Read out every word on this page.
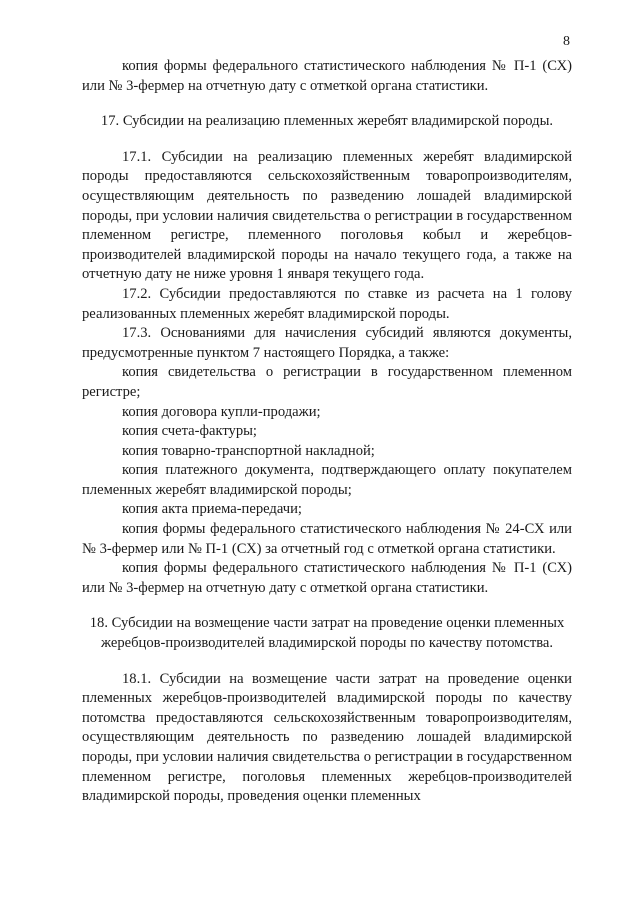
8

копия формы федерального статистического наблюдения № П-1 (СХ) или № 3-фермер на отчетную дату с отметкой органа статистики.

17. Субсидии на реализацию племенных жеребят владимирской породы.

17.1. Субсидии на реализацию племенных жеребят владимирской породы предоставляются сельскохозяйственным товаропроизводителям, осуществляющим деятельность по разведению лошадей владимирской породы, при условии наличия свидетельства о регистрации в государственном племенном регистре, племенного поголовья кобыл и жеребцов-производителей владимирской породы на начало текущего года, а также на отчетную дату не ниже уровня 1 января текущего года.

17.2. Субсидии предоставляются по ставке из расчета на 1 голову реализованных племенных жеребят владимирской породы.

17.3. Основаниями для начисления субсидий являются документы, предусмотренные пунктом 7 настоящего Порядка, а также:

копия свидетельства о регистрации в государственном племенном регистре;

копия договора купли-продажи;

копия счета-фактуры;

копия товарно-транспортной накладной;

копия платежного документа, подтверждающего оплату покупателем племенных жеребят владимирской породы;

копия акта приема-передачи;

копия формы федерального статистического наблюдения № 24-СХ или № 3-фермер или № П-1 (СХ) за отчетный год с отметкой органа статистики.

копия формы федерального статистического наблюдения № П-1 (СХ) или № 3-фермер на отчетную дату с отметкой органа статистики.

18. Субсидии на возмещение части затрат на проведение оценки племенных жеребцов-производителей владимирской породы по качеству потомства.

18.1. Субсидии на возмещение части затрат на проведение оценки племенных жеребцов-производителей владимирской породы по качеству потомства предоставляются сельскохозяйственным товаропроизводителям, осуществляющим деятельность по разведению лошадей владимирской породы, при условии наличия свидетельства о регистрации в государственном племенном регистре, поголовья племенных жеребцов-производителей владимирской породы, проведения оценки племенных
